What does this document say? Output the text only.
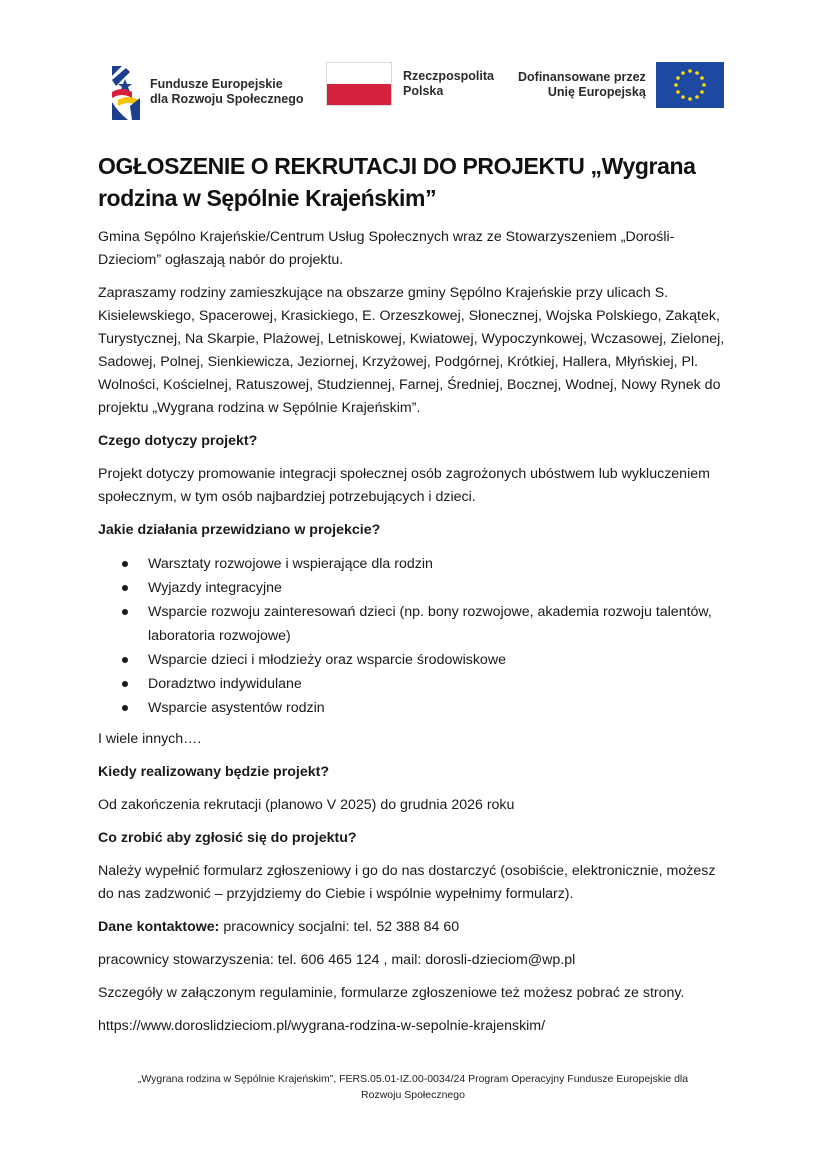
Fundusze Europejskie
dla Rozwoju Społecznego
Rzeczpospolita
Polska
Dofinansowane przez
Unię Europejską
OGŁOSZENIE O REKRUTACJI DO PROJEKTU „Wygrana
rodzina w Sępólnie Krajeńskim”

Gmina Sępólno Krajeńskie/Centrum Usług Społecznych wraz ze Stowarzyszeniem „Dorośli-Dzieciom” ogłaszają nabór do projektu.

Zapraszamy rodziny zamieszkujące na obszarze gminy Sępólno Krajeńskie przy ulicach S. Kisielewskiego, Spacerowej, Krasickiego, E. Orzeszkowej, Słonecznej, Wojska Polskiego, Zakątek, Turystycznej, Na Skarpie, Plażowej, Letniskowej, Kwiatowej, Wypoczynkowej, Wczasowej, Zielonej, Sadowej, Polnej, Sienkiewicza, Jeziornej, Krzyżowej, Podgórnej, Krótkiej, Hallera, Młyńskiej, Pl. Wolności, Kościelnej, Ratuszowej, Studziennej, Farnej, Średniej, Bocznej, Wodnej, Nowy Rynek do projektu „Wygrana rodzina w Sępólnie Krajeńskim”.

Czego dotyczy projekt?

Projekt dotyczy promowanie integracji społecznej osób zagrożonych ubóstwem lub wykluczeniem społecznym, w tym osób najbardziej potrzebujących i dzieci.

Jakie działania przewidziano w projekcie?

Warsztaty rozwojowe i wspierające dla rodzin
Wyjazdy integracyjne
Wsparcie rozwoju zainteresowań dzieci (np. bony rozwojowe, akademia rozwoju talentów, laboratoria rozwojowe)
Wsparcie dzieci i młodzieży oraz wsparcie środowiskowe
Doradztwo indywidulane
Wsparcie asystentów rodzin

I wiele innych….

Kiedy realizowany będzie projekt?

Od zakończenia rekrutacji (planowo V 2025) do grudnia 2026 roku

Co zrobić aby zgłosić się do projektu?

Należy wypełnić formularz zgłoszeniowy i go do nas dostarczyć (osobiście, elektronicznie, możesz do nas zadzwonić – przyjdziemy do Ciebie i wspólnie wypełnimy formularz).

Dane kontaktowe: pracownicy socjalni: tel. 52 388 84 60

pracownicy stowarzyszenia: tel. 606 465 124 , mail: dorosli-dzieciom@wp.pl

Szczegóły w załączonym regulaminie, formularze zgłoszeniowe też możesz pobrać ze strony.

https://www.doroslidzieciom.pl/wygrana-rodzina-w-sepolnie-krajenskim/

„Wygrana rodzina w Sępólnie Krajeńskim”, FERS.05.01-IZ.00-0034/24 Program Operacyjny Fundusze Europejskie dla
Rozwoju Społecznego
